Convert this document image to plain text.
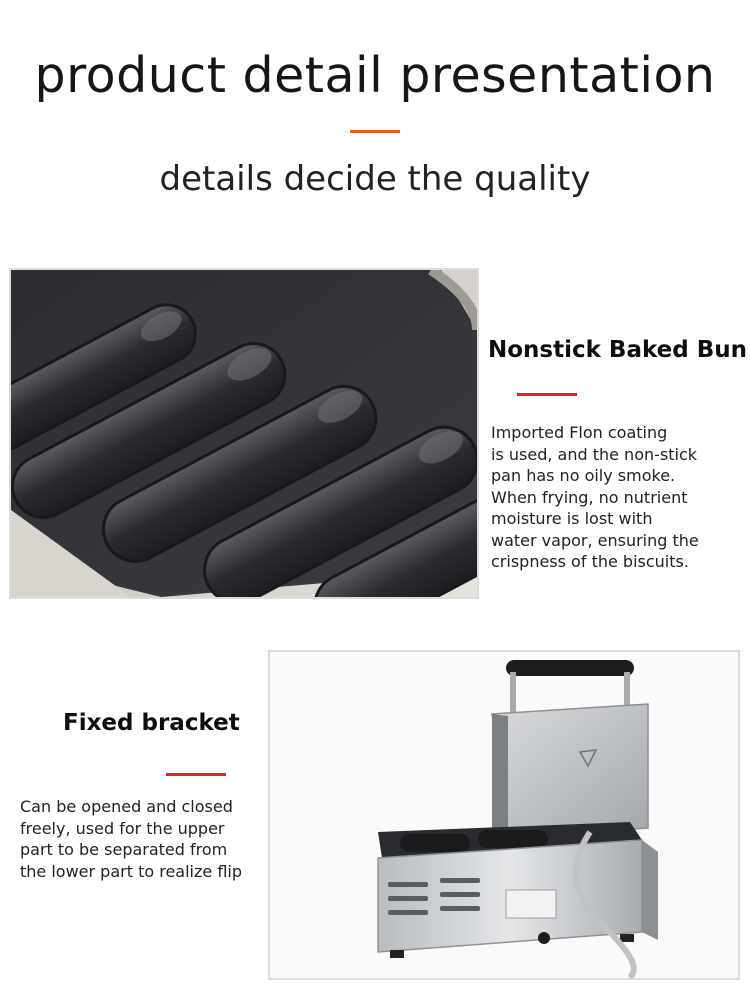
product detail presentation
details decide the quality
Nonstick Baked Bun
Imported Flon coating
is used, and the non-stick
pan has no oily smoke.
When frying, no nutrient
moisture is lost with
water vapor, ensuring the
crispness of the biscuits.
Fixed bracket
Can be opened and closed
freely, used for the upper
part to be separated from
the lower part to realize flip
